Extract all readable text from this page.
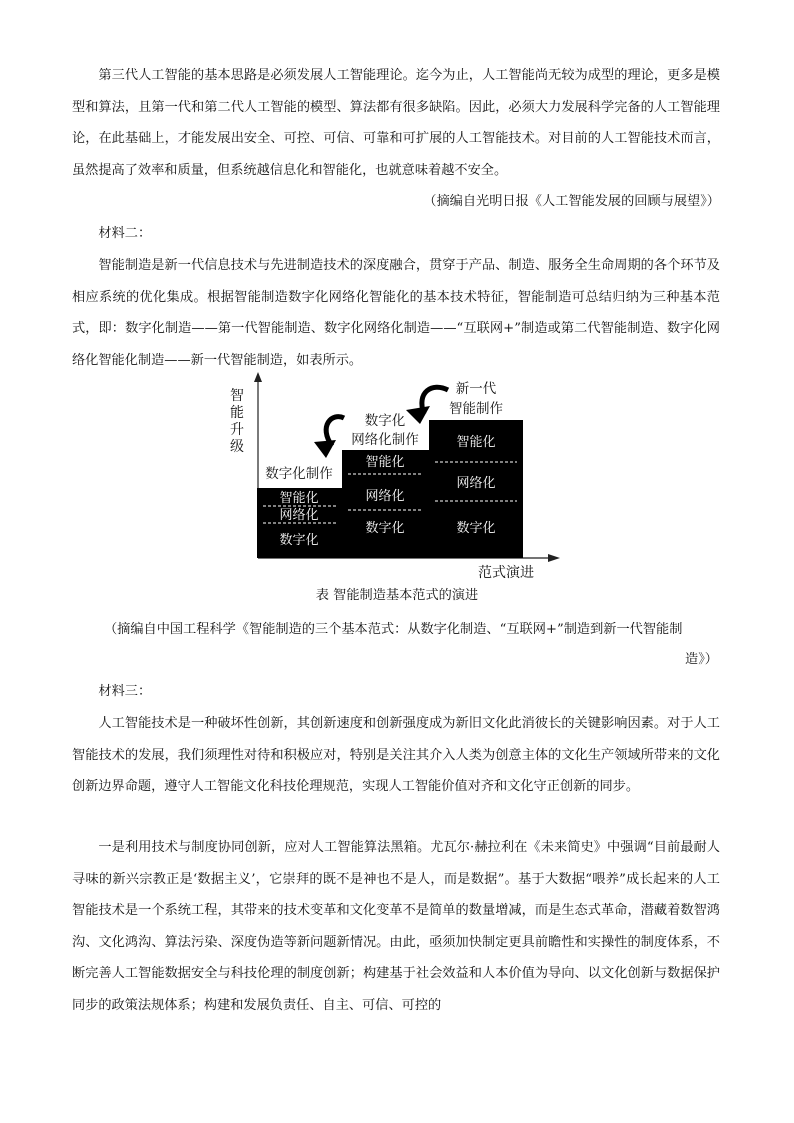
第三代人工智能的基本思路是必须发展人工智能理论。迄今为止，人工智能尚无较为成型的理论，更多是模型和算法，且第一代和第二代人工智能的模型、算法都有很多缺陷。因此，必须大力发展科学完备的人工智能理论，在此基础上，才能发展出安全、可控、可信、可靠和可扩展的人工智能技术。对目前的人工智能技术而言，虽然提高了效率和质量，但系统越信息化和智能化，也就意味着越不安全。

（摘编自光明日报《人工智能发展的回顾与展望》）

材料二：

智能制造是新一代信息技术与先进制造技术的深度融合，贯穿于产品、制造、服务全生命周期的各个环节及相应系统的优化集成。根据智能制造数字化网络化智能化的基本技术特征，智能制造可总结归纳为三种基本范式，即：数字化制造——第一代智能制造、数字化网络化制造——“互联网+”制造或第二代智能制造、数字化网络化智能化制造——新一代智能制造，如表所示。

智
能
升
级
范式演进
数字化制作
智能化
网络化
数字化
数字化
网络化制作
智能化
网络化
数字化
新一代
智能制作
智能化
网络化
数字化

表 智能制造基本范式的演进

（摘编自中国工程科学《智能制造的三个基本范式：从数字化制造、“互联网+”制造到新一代智能制

造》）

材料三：

人工智能技术是一种破坏性创新，其创新速度和创新强度成为新旧文化此消彼长的关键影响因素。对于人工智能技术的发展，我们须理性对待和积极应对，特别是关注其介入人类为创意主体的文化生产领域所带来的文化创新边界命题，遵守人工智能文化科技伦理规范，实现人工智能价值对齐和文化守正创新的同步。

一是利用技术与制度协同创新，应对人工智能算法黑箱。尤瓦尔·赫拉利在《未来简史》中强调“目前最耐人寻味的新兴宗教正是‘数据主义’，它崇拜的既不是神也不是人，而是数据”。基于大数据“喂养”成长起来的人工智能技术是一个系统工程，其带来的技术变革和文化变革不是简单的数量增减，而是生态式革命，潜藏着数智鸿沟、文化鸿沟、算法污染、深度伪造等新问题新情况。由此，亟须加快制定更具前瞻性和实操性的制度体系，不断完善人工智能数据安全与科技伦理的制度创新；构建基于社会效益和人本价值为导向、以文化创新与数据保护同步的政策法规体系；构建和发展负责任、自主、可信、可控的
